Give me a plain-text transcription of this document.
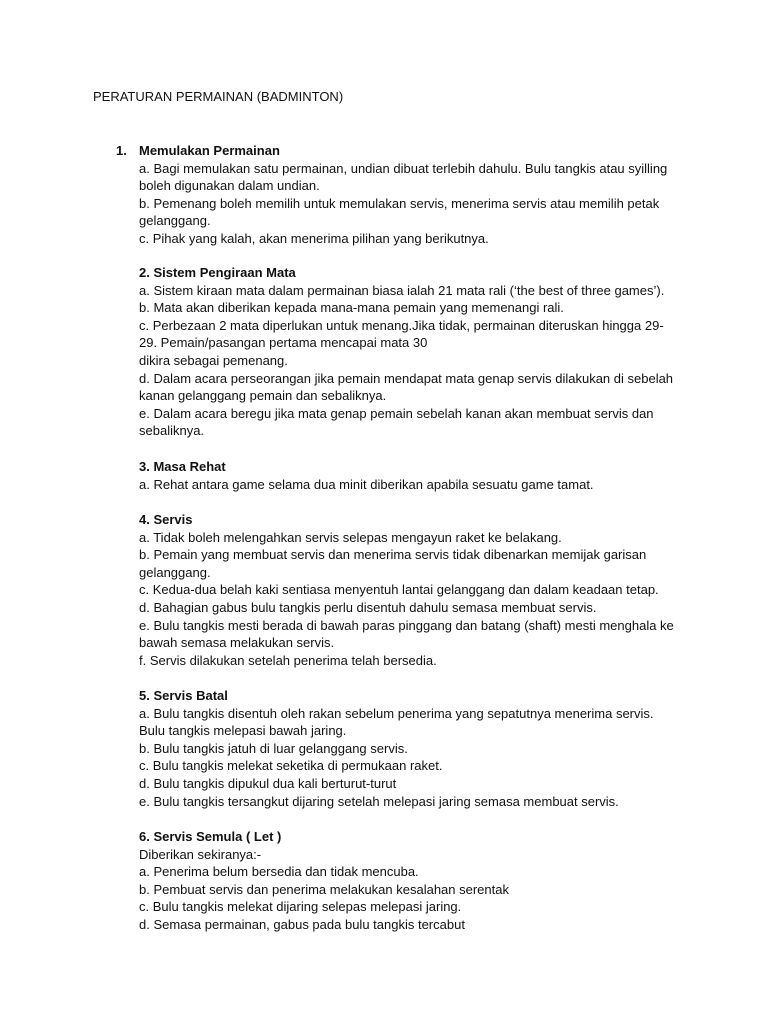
PERATURAN PERMAINAN (BADMINTON)
1. Memulakan Permainan
a. Bagi memulakan satu permainan, undian dibuat terlebih dahulu. Bulu tangkis atau syilling
boleh digunakan dalam undian.
b. Pemenang boleh memilih untuk memulakan servis, menerima servis atau memilih petak
gelanggang.
c. Pihak yang kalah, akan menerima pilihan yang berikutnya.
2. Sistem Pengiraan Mata
a. Sistem kiraan mata dalam permainan biasa ialah 21 mata rali (‘the best of three games’).
b. Mata akan diberikan kepada mana-mana pemain yang memenangi rali.
c. Perbezaan 2 mata diperlukan untuk menang.Jika tidak, permainan diteruskan hingga 29-
29. Pemain/pasangan pertama mencapai mata 30
dikira sebagai pemenang.
d. Dalam acara perseorangan jika pemain mendapat mata genap servis dilakukan di sebelah
kanan gelanggang pemain dan sebaliknya.
e. Dalam acara beregu jika mata genap pemain sebelah kanan akan membuat servis dan
sebaliknya.
3. Masa Rehat
a. Rehat antara game selama dua minit diberikan apabila sesuatu game tamat.
4. Servis
a. Tidak boleh melengahkan servis selepas mengayun raket ke belakang.
b. Pemain yang membuat servis dan menerima servis tidak dibenarkan memijak garisan
gelanggang.
c. Kedua-dua belah kaki sentiasa menyentuh lantai gelanggang dan dalam keadaan tetap.
d. Bahagian gabus bulu tangkis perlu disentuh dahulu semasa membuat servis.
e. Bulu tangkis mesti berada di bawah paras pinggang dan batang (shaft) mesti menghala ke
bawah semasa melakukan servis.
f. Servis dilakukan setelah penerima telah bersedia.
5. Servis Batal
a. Bulu tangkis disentuh oleh rakan sebelum penerima yang sepatutnya menerima servis.
Bulu tangkis melepasi bawah jaring.
b. Bulu tangkis jatuh di luar gelanggang servis.
c. Bulu tangkis melekat seketika di permukaan raket.
d. Bulu tangkis dipukul dua kali berturut-turut
e. Bulu tangkis tersangkut dijaring setelah melepasi jaring semasa membuat servis.
6. Servis Semula ( Let )
Diberikan sekiranya:-
a. Penerima belum bersedia dan tidak mencuba.
b. Pembuat servis dan penerima melakukan kesalahan serentak
c. Bulu tangkis melekat dijaring selepas melepasi jaring.
d. Semasa permainan, gabus pada bulu tangkis tercabut
